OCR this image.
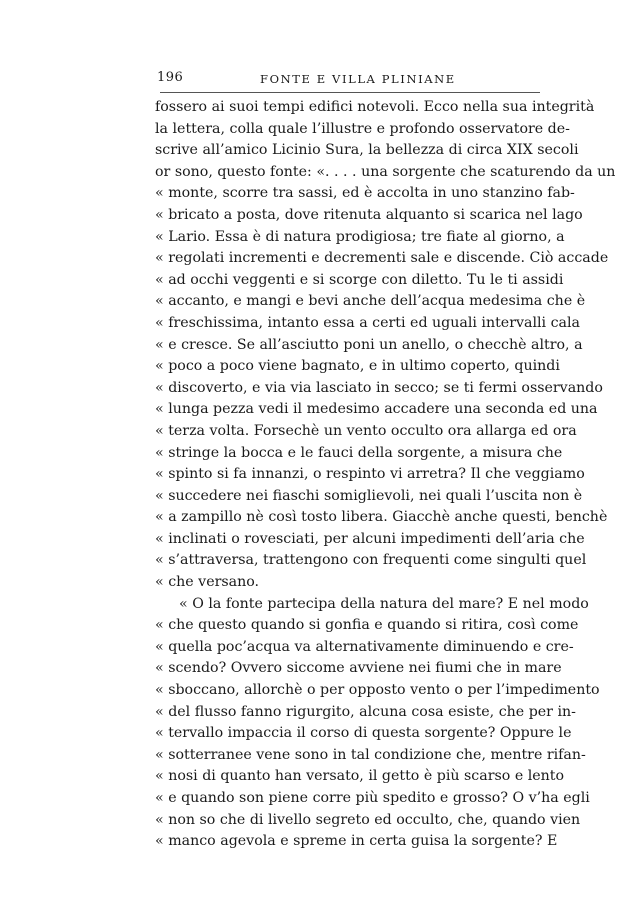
196	FONTE E VILLA PLINIANE
fossero ai suoi tempi edifici notevoli. Ecco nella sua integrità
la lettera, colla quale l’illustre e profondo osservatore de-
scrive all’amico Licinio Sura, la bellezza di circa XIX secoli
or sono, questo fonte: «. . . . una sorgente che scaturendo da un
« monte, scorre tra sassi, ed è accolta in uno stanzino fab-
« bricato a posta, dove ritenuta alquanto si scarica nel lago
« Lario. Essa è di natura prodigiosa; tre fiate al giorno, a
« regolati incrementi e decrementi sale e discende. Ciò accade
« ad occhi veggenti e si scorge con diletto. Tu le ti assidi
« accanto, e mangi e bevi anche dell’acqua medesima che è
« freschissima, intanto essa a certi ed uguali intervalli cala
« e cresce. Se all’asciutto poni un anello, o checchè altro, a
« poco a poco viene bagnato, e in ultimo coperto, quindi
« discoverto, e via via lasciato in secco; se ti fermi osservando
« lunga pezza vedi il medesimo accadere una seconda ed una
« terza volta. Forsechè un vento occulto ora allarga ed ora
« stringe la bocca e le fauci della sorgente, a misura che
« spinto si fa innanzi, o respinto vi arretra? Il che veggiamo
« succedere nei fiaschi somiglievoli, nei quali l’uscita non è
« a zampillo nè così tosto libera. Giacchè anche questi, benchè
« inclinati o rovesciati, per alcuni impedimenti dell’aria che
« s’attraversa, trattengono con frequenti come singulti quel
« che versano.
« O la fonte partecipa della natura del mare? E nel modo
« che questo quando si gonfia e quando si ritira, così come
« quella poc’acqua va alternativamente diminuendo e cre-
« scendo? Ovvero siccome avviene nei fiumi che in mare
« sboccano, allorchè o per opposto vento o per l’impedimento
« del flusso fanno rigurgito, alcuna cosa esiste, che per in-
« tervallo impaccia il corso di questa sorgente? Oppure le
« sotterranee vene sono in tal condizione che, mentre rifan-
« nosi di quanto han versato, il getto è più scarso e lento
« e quando son piene corre più spedito e grosso? O v’ha egli
« non so che di livello segreto ed occulto, che, quando vien
« manco agevola e spreme in certa guisa la sorgente? E
